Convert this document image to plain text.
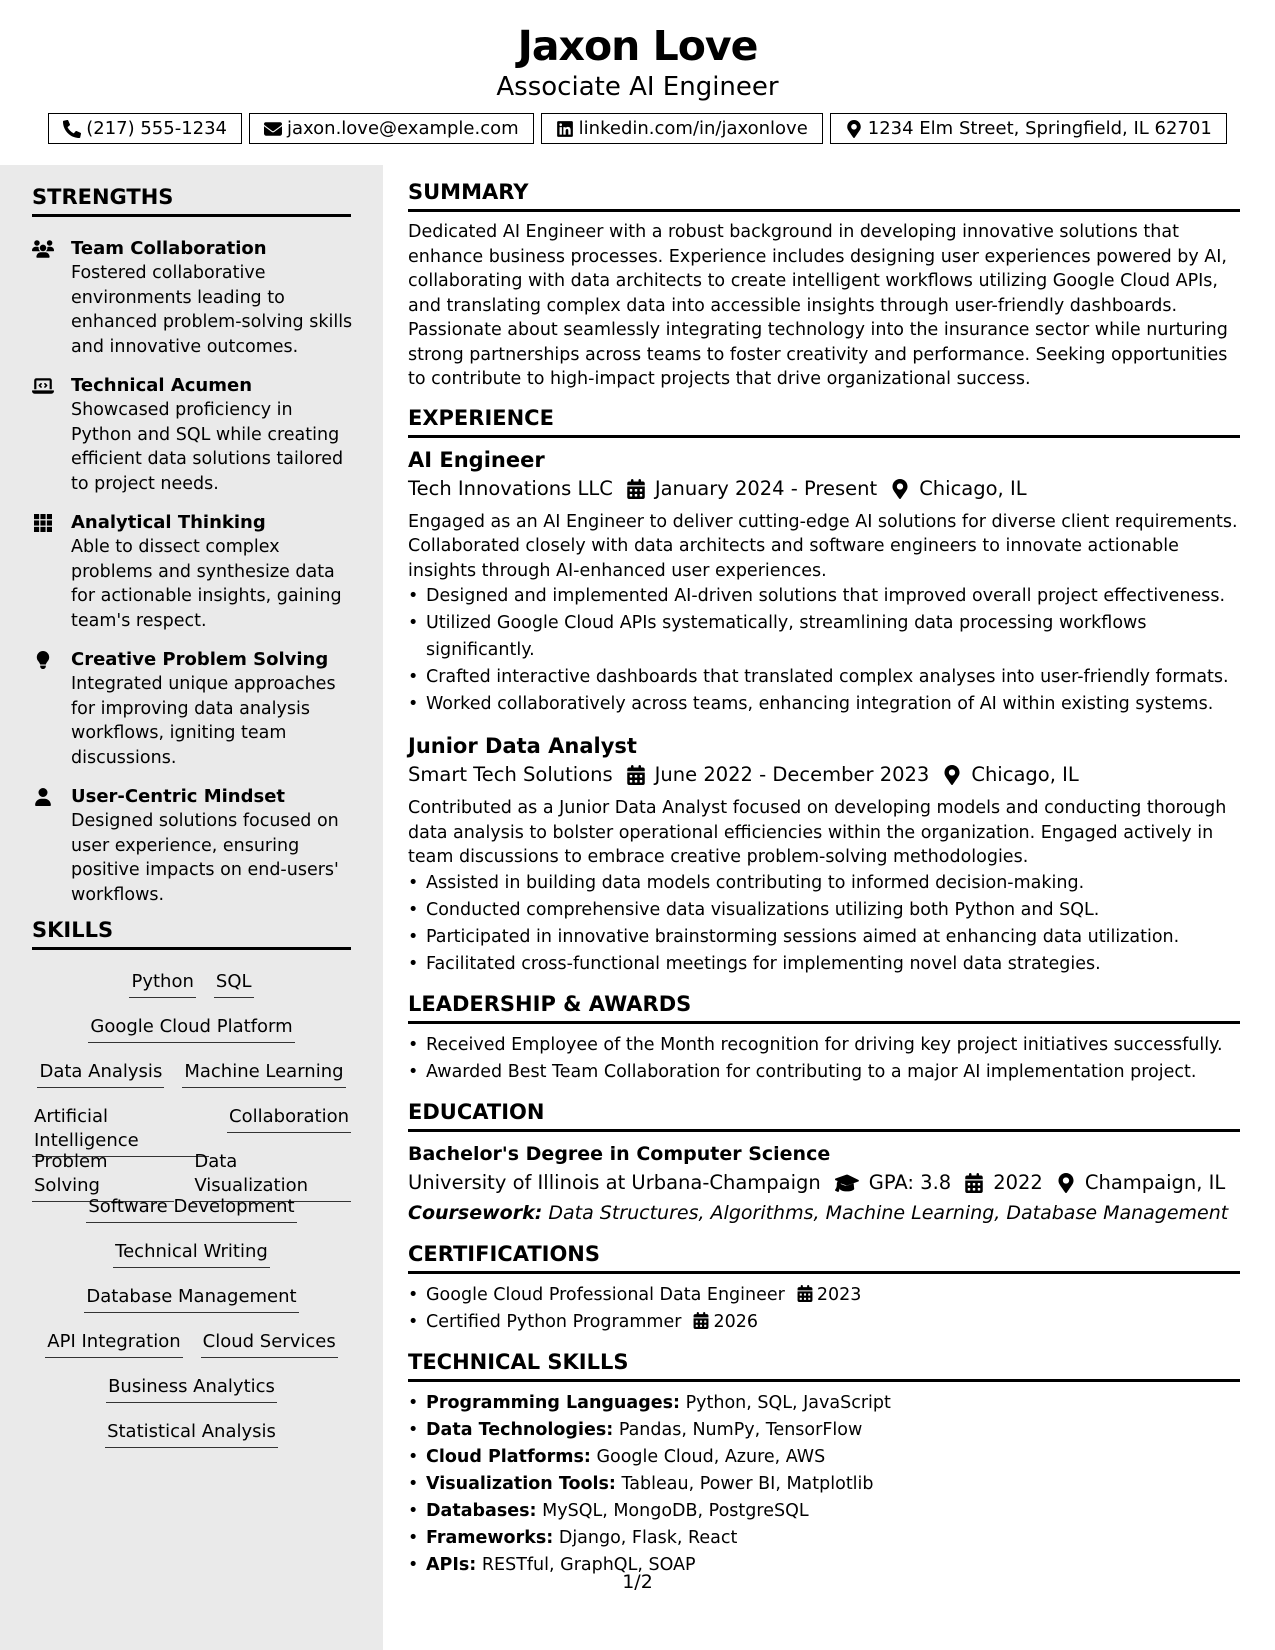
Jaxon Love
Associate AI Engineer
(217) 555-1234	jaxon.love@example.com	linkedin.com/in/jaxonlove	1234 Elm Street, Springfield, IL 62701
STRENGTHS
Team Collaboration
Fostered collaborative environments leading to enhanced problem-solving skills and innovative outcomes.
Technical Acumen
Showcased proficiency in Python and SQL while creating efficient data solutions tailored to project needs.
Analytical Thinking
Able to dissect complex problems and synthesize data for actionable insights, gaining team's respect.
Creative Problem Solving
Integrated unique approaches for improving data analysis workflows, igniting team discussions.
User-Centric Mindset
Designed solutions focused on user experience, ensuring positive impacts on end-users' workflows.
SKILLS
Python SQL
Google Cloud Platform
Data Analysis Machine Learning
Artificial Intelligence
Collaboration
Problem Solving
Data Visualization
Software Development
Technical Writing
Database Management
API Integration Cloud Services
Business Analytics
Statistical Analysis
SUMMARY
Dedicated AI Engineer with a robust background in developing innovative solutions that enhance business processes. Experience includes designing user experiences powered by AI, collaborating with data architects to create intelligent workflows utilizing Google Cloud APIs, and translating complex data into accessible insights through user-friendly dashboards. Passionate about seamlessly integrating technology into the insurance sector while nurturing strong partnerships across teams to foster creativity and performance. Seeking opportunities to contribute to high-impact projects that drive organizational success.
EXPERIENCE
AI Engineer
Tech Innovations LLC January 2024 - Present Chicago, IL
Engaged as an AI Engineer to deliver cutting-edge AI solutions for diverse client requirements. Collaborated closely with data architects and software engineers to innovate actionable insights through AI-enhanced user experiences.
• Designed and implemented AI-driven solutions that improved overall project effectiveness.
• Utilized Google Cloud APIs systematically, streamlining data processing workflows significantly.
• Crafted interactive dashboards that translated complex analyses into user-friendly formats.
• Worked collaboratively across teams, enhancing integration of AI within existing systems.
Junior Data Analyst
Smart Tech Solutions June 2022 - December 2023 Chicago, IL
Contributed as a Junior Data Analyst focused on developing models and conducting thorough data analysis to bolster operational efficiencies within the organization. Engaged actively in team discussions to embrace creative problem-solving methodologies.
• Assisted in building data models contributing to informed decision-making.
• Conducted comprehensive data visualizations utilizing both Python and SQL.
• Participated in innovative brainstorming sessions aimed at enhancing data utilization.
• Facilitated cross-functional meetings for implementing novel data strategies.
LEADERSHIP & AWARDS
• Received Employee of the Month recognition for driving key project initiatives successfully.
• Awarded Best Team Collaboration for contributing to a major AI implementation project.
EDUCATION
Bachelor's Degree in Computer Science
University of Illinois at Urbana-Champaign GPA: 3.8 2022 Champaign, IL
Coursework: Data Structures, Algorithms, Machine Learning, Database Management
CERTIFICATIONS
• Google Cloud Professional Data Engineer 2023
• Certified Python Programmer 2026
TECHNICAL SKILLS
• Programming Languages: Python, SQL, JavaScript
• Data Technologies: Pandas, NumPy, TensorFlow
• Cloud Platforms: Google Cloud, Azure, AWS
• Visualization Tools: Tableau, Power BI, Matplotlib
• Databases: MySQL, MongoDB, PostgreSQL
• Frameworks: Django, Flask, React
• APIs: RESTful, GraphQL, SOAP
1/2
